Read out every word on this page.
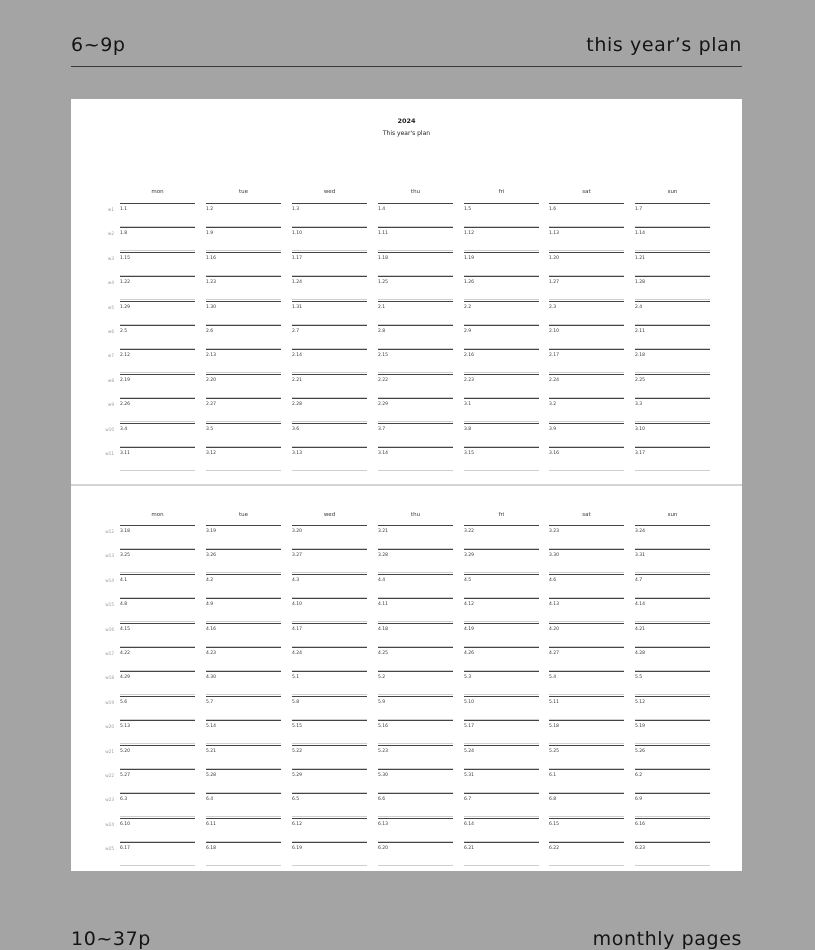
6~9p	this year’s plan
2024
This year's plan
mon	tue	wed	thu	fri	sat	sun
w1 1.1	1.2	1.3	1.4	1.5	1.6	1.7
w2 1.8	1.9	1.10	1.11	1.12	1.13	1.14
w3 1.15	1.16	1.17	1.18	1.19	1.20	1.21
w4 1.22	1.23	1.24	1.25	1.26	1.27	1.28
w5 1.29	1.30	1.31	2.1	2.2	2.3	2.4
w6 2.5	2.6	2.7	2.8	2.9	2.10	2.11
w7 2.12	2.13	2.14	2.15	2.16	2.17	2.18
w8 2.19	2.20	2.21	2.22	2.23	2.24	2.25
w9 2.26	2.27	2.28	2.29	3.1	3.2	3.3
w10 3.4	3.5	3.6	3.7	3.8	3.9	3.10
w11 3.11	3.12	3.13	3.14	3.15	3.16	3.17
mon	tue	wed	thu	fri	sat	sun
w12 3.18	3.19	3.20	3.21	3.22	3.23	3.24
w13 3.25	3.26	3.27	3.28	3.29	3.30	3.31
w14 4.1	4.2	4.3	4.4	4.5	4.6	4.7
w15 4.8	4.9	4.10	4.11	4.12	4.13	4.14
w16 4.15	4.16	4.17	4.18	4.19	4.20	4.21
w17 4.22	4.23	4.24	4.25	4.26	4.27	4.28
w18 4.29	4.30	5.1	5.2	5.3	5.4	5.5
w19 5.6	5.7	5.8	5.9	5.10	5.11	5.12
w20 5.13	5.14	5.15	5.16	5.17	5.18	5.19
w21 5.20	5.21	5.22	5.23	5.24	5.25	5.26
w22 5.27	5.28	5.29	5.30	5.31	6.1	6.2
w23 6.3	6.4	6.5	6.6	6.7	6.8	6.9
w24 6.10	6.11	6.12	6.13	6.14	6.15	6.16
w25 6.17	6.18	6.19	6.20	6.21	6.22	6.23
10~37p	monthly pages
